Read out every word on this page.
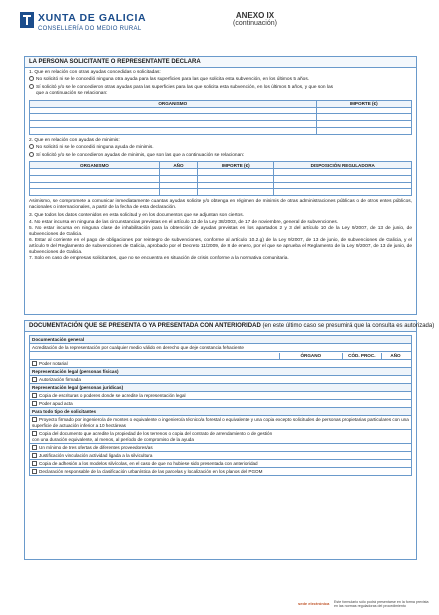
XUNTA DE GALICIA
CONSELLERÍA DO MEDIO RURAL
ANEXO IX
(continuación)
LA PERSONA SOLICITANTE O REPRESENTANTE DECLARA
1. Que en relación con otras ayudas concedidas o solicitadas:
No solicitó ni se le concedió ninguna otra ayuda para las superficies para las que solicita esta subvención, en los últimos 5 años.
Sí solicitó y/o se le concedieron otras ayudas para las superficies para las que solicita esta subvención, en los últimos 5 años, y que son las
que a continuación se relacionan:
ORGANISMO	IMPORTE (€)

2. Que en relación con ayudas de minimis:
No solicitó ni se le concedió ninguna ayuda de minimis.
Sí solicitó y/o se le concedieron ayudas de minimis, que son las que a continuación se relacionan:
ORGANISMO	AÑO	IMPORTE (€)	DISPOSICIÓN REGULADORA

Asimismo, se compromete a comunicar inmediatamente cuantas ayudas solicite y/o obtenga en régimen de minimis de otras administraciones públicas o de otros entes públicos, nacionales o internacionales, a partir de la fecha de esta declaración.
3. Que todos los datos contenidos en esta solicitud y en los documentos que se adjuntan son ciertos.
4. No estar incursa en ninguna de las circunstancias previstas en el artículo 13 de la Ley 38/2003, de 17 de noviembre, general de subvenciones.
5. No estar incursa en ninguna clase de inhabilitación para la obtención de ayudas previstas en los apartados 2 y 3 del artículo 10 de la Ley 9/2007, de 13 de junio, de subvenciones de Galicia.
6. Estar al corriente en el pago de obligaciones por reintegro de subvenciones, conforme al artículo 10.2.g) de la Ley 9/2007, de 13 de junio, de subvenciones de Galicia, y el artículo 9 del Reglamento de subvenciones de Galicia, aprobado por el Decreto 11/2009, de 8 de enero, por el que se aprueba el Reglamento de la Ley 9/2007, de 13 de junio, de subvenciones de Galicia.
7. Solo en caso de empresas solicitantes, que no se encuentra en situación de crisis conforme a la normativa comunitaria.
DOCUMENTACIÓN QUE SE PRESENTA O YA PRESENTADA CON ANTERIORIDAD (en este último caso se presumirá que la consulta es autorizada)
Documentación general
Acreditación de la representación por cualquier medio válido en derecho que deje constancia fehaciente
ÓRGANO	CÓD. PROC.	AÑO
Poder notarial
Representación legal (personas físicas)
Autorización firmada
Representación legal (personas jurídicas)
Copia de escrituras o poderes donde se acredite la representación legal
Poder apud acta
Para todo tipo de solicitantes
Proyecto firmado por ingeniero/a de montes o equivalente o ingeniero/a técnico/a forestal o equivalente y una copia excepto solicitudes de personas propietarias particulares con una superficie de actuación inferior a 10 hectáreas
Copia del documento que acredite la propiedad de los terrenos o copia del contrato de arrendamiento o de gestión con una duración equivalente, al menos, al período de compromiso de la ayuda
Un mínimo de tres ofertas de diferentes proveedores/as
Justificación vinculación actividad ligada a la silvicultura
Copia de adhesión a los modelos silvícolas, en el caso de que no hubiese sido presentada con anterioridad
Declaración responsable de la clasificación urbanística de las parcelas y localización en los planos del PGOM
sede electrónica Este formulario sólo podrá presentarse en la forma prevista en las normas reguladoras del procedimiento
